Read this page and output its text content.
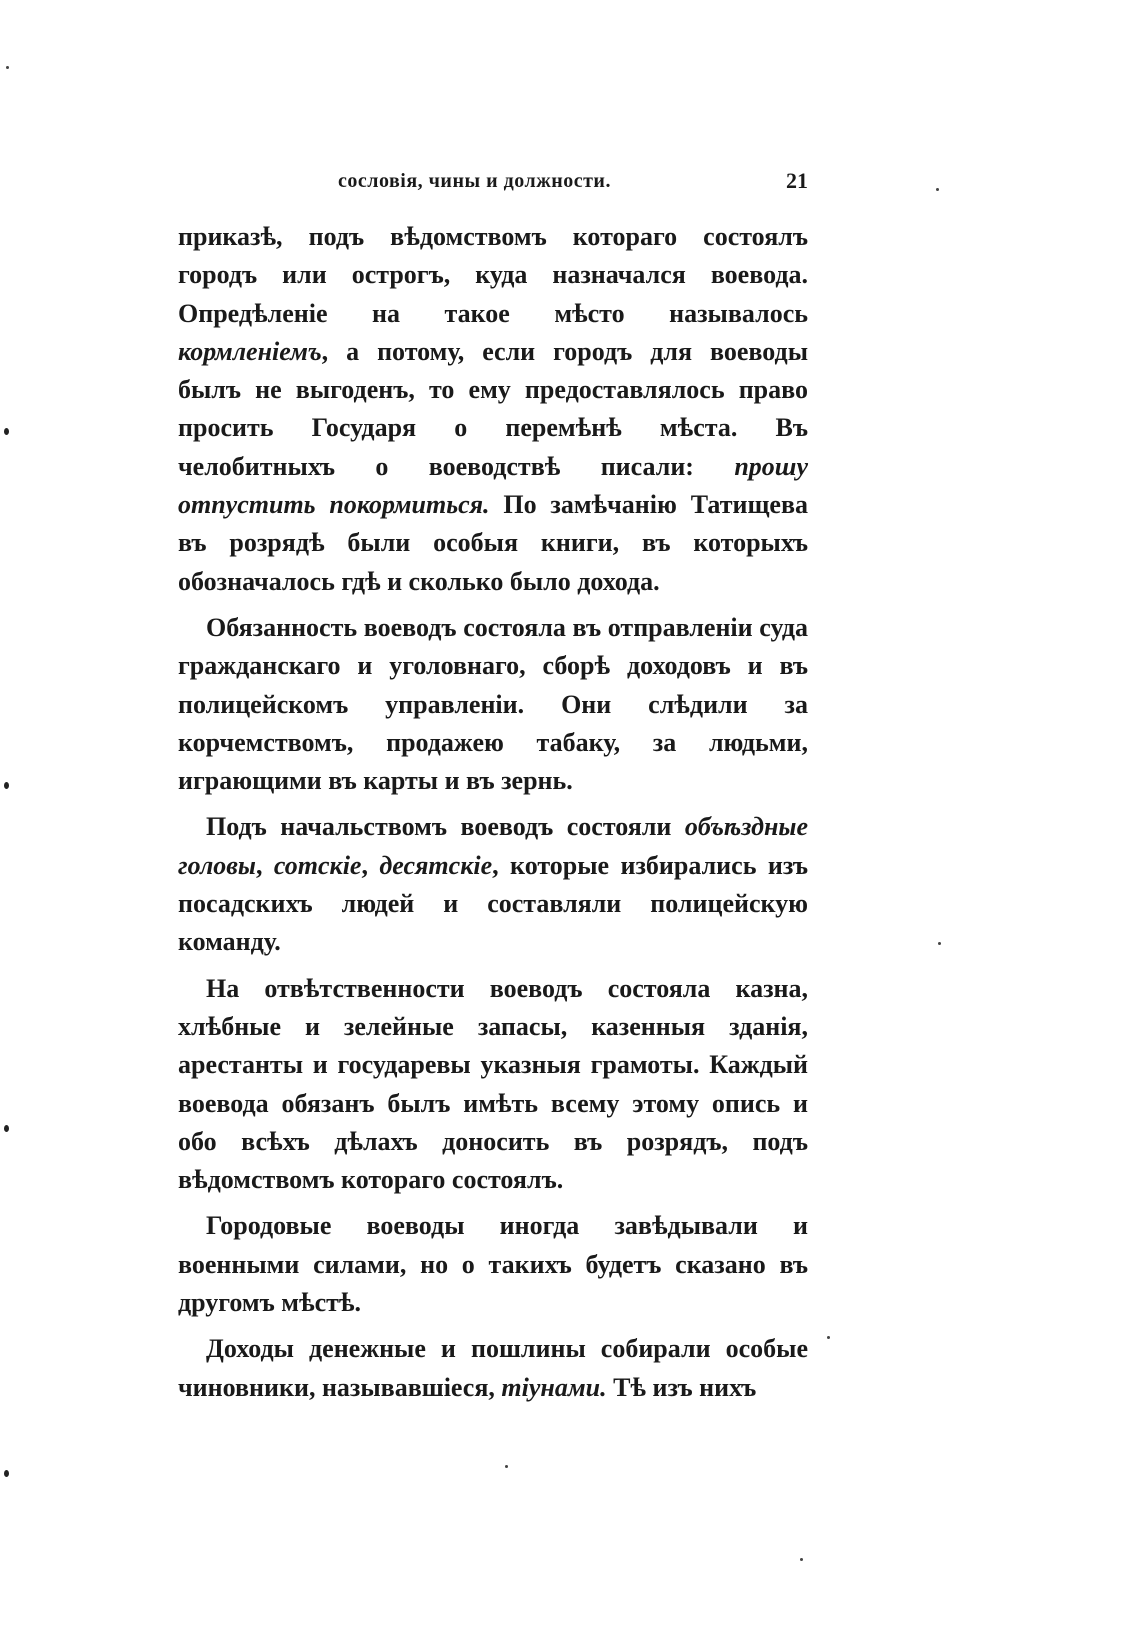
сословія, чины и должности.	21

приказѣ, подъ вѣдомствомъ котораго состоялъ городъ или острогъ, куда назначался воевода. Опредѣленіе на такое мѣсто называлось кормленіемъ, а потому, если городъ для воеводы былъ не выгоденъ, то ему предоставлялось право просить Государя о перемѣнѣ мѣста. Въ челобитныхъ о воеводствѣ писали: прошу отпустить покормиться. По замѣчанію Татищева въ розрядѣ были особыя книги, въ которыхъ обозначалось гдѣ и сколько было дохода.

Обязанность воеводъ состояла въ отправленіи суда гражданскаго и уголовнаго, сборѣ доходовъ и въ полицейскомъ управленіи. Они слѣдили за корчемствомъ, продажею табаку, за людьми, играющими въ карты и въ зернь.

Подъ начальствомъ воеводъ состояли объѣздные головы, сотскіе, десятскіе, которые избирались изъ посадскихъ людей и составляли полицейскую команду.

На отвѣтственности воеводъ состояла казна, хлѣбные и зелейные запасы, казенныя зданія, арестанты и государевы указныя грамоты. Каждый воевода обязанъ былъ имѣть всему этому опись и обо всѣхъ дѣлахъ доносить въ розрядъ, подъ вѣдомствомъ котораго состоялъ.

Городовые воеводы иногда завѣдывали и военными силами, но о такихъ будетъ сказано въ другомъ мѣстѣ.

Доходы денежные и пошлины собирали особые чиновники, называвшіеся, тіунами. Тѣ изъ нихъ
